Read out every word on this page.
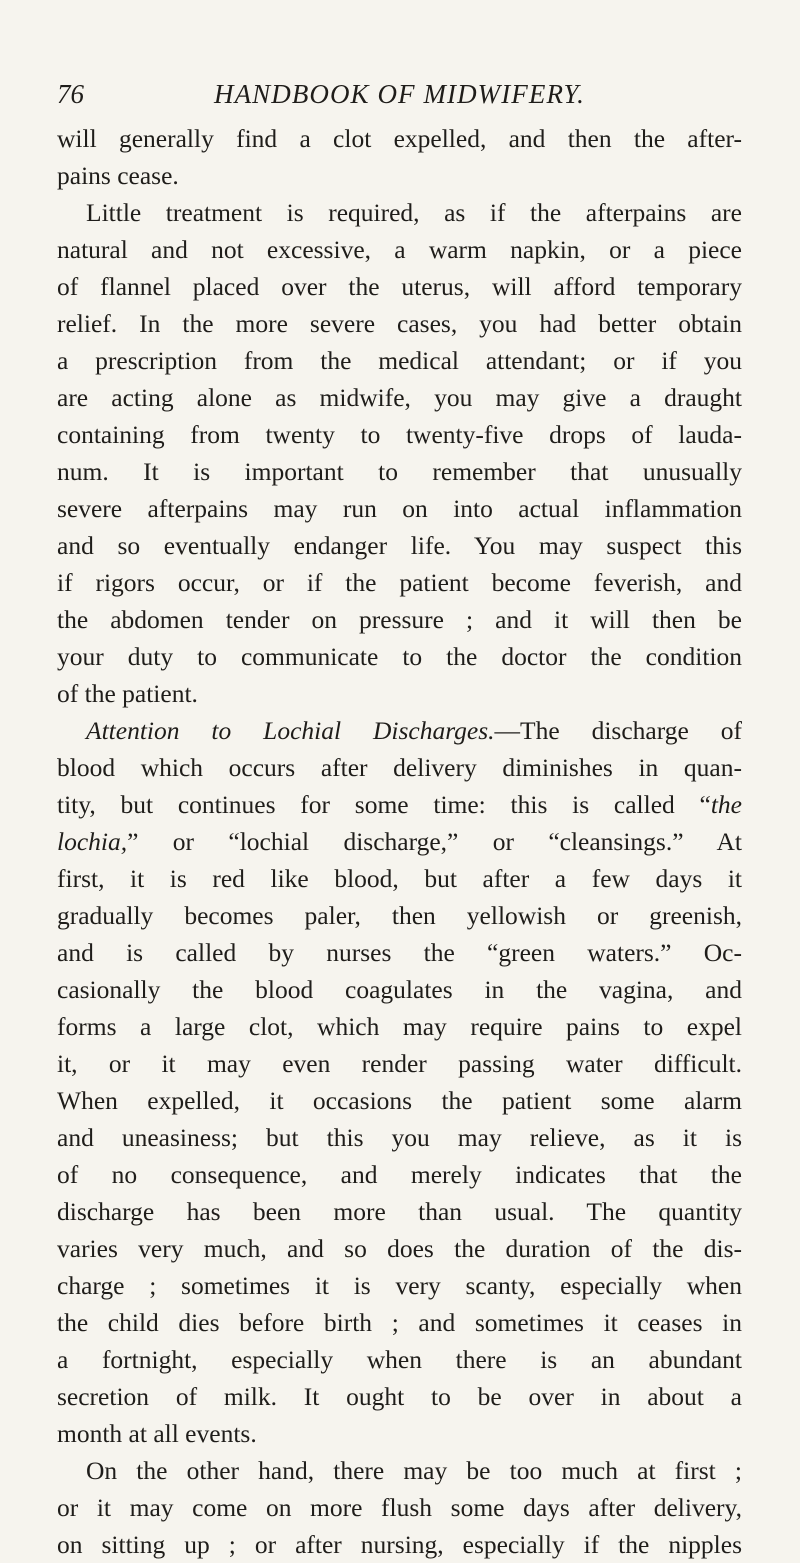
76	HANDBOOK OF MIDWIFERY.
will generally find a clot expelled, and then the after-
pains cease.
Little treatment is required, as if the afterpains are
natural and not excessive, a warm napkin, or a piece
of flannel placed over the uterus, will afford temporary
relief. In the more severe cases, you had better obtain
a prescription from the medical attendant; or if you
are acting alone as midwife, you may give a draught
containing from twenty to twenty-five drops of lauda-
num. It is important to remember that unusually
severe afterpains may run on into actual inflammation
and so eventually endanger life. You may suspect this
if rigors occur, or if the patient become feverish, and
the abdomen tender on pressure ; and it will then be
your duty to communicate to the doctor the condition
of the patient.
Attention to Lochial Discharges.—The discharge of
blood which occurs after delivery diminishes in quan-
tity, but continues for some time: this is called “the
lochia,” or “lochial discharge,” or “cleansings.” At
first, it is red like blood, but after a few days it
gradually becomes paler, then yellowish or greenish,
and is called by nurses the “green waters.” Oc-
casionally the blood coagulates in the vagina, and
forms a large clot, which may require pains to expel
it, or it may even render passing water difficult.
When expelled, it occasions the patient some alarm
and uneasiness; but this you may relieve, as it is
of no consequence, and merely indicates that the
discharge has been more than usual. The quantity
varies very much, and so does the duration of the dis-
charge ; sometimes it is very scanty, especially when
the child dies before birth ; and sometimes it ceases in
a fortnight, especially when there is an abundant
secretion of milk. It ought to be over in about a
month at all events.
On the other hand, there may be too much at first ;
or it may come on more flush some days after delivery,
on sitting up ; or after nursing, especially if the nipples
